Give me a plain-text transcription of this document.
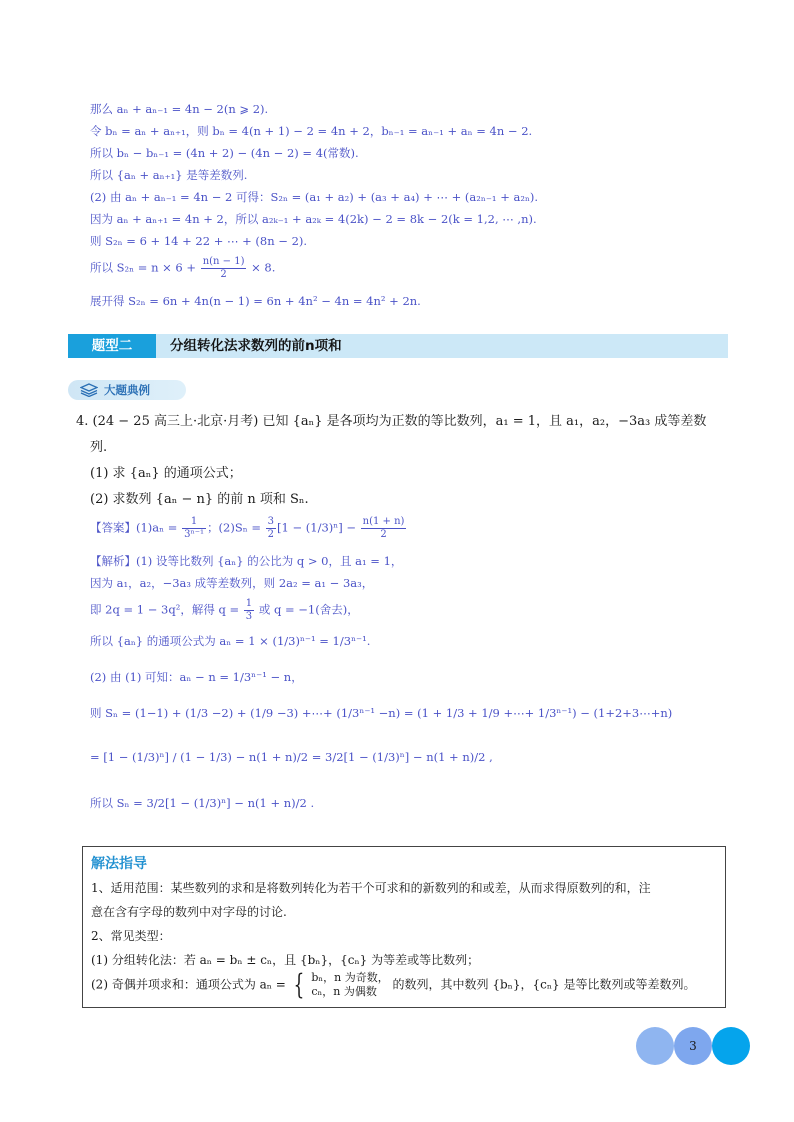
那么 aₙ + aₙ₋₁ = 4n − 2(n ⩾ 2).
令 bₙ = aₙ + aₙ₊₁，则 bₙ = 4(n + 1) − 2 = 4n + 2，bₙ₋₁ = aₙ₋₁ + aₙ = 4n − 2.
所以 bₙ − bₙ₋₁ = (4n + 2) − (4n − 2) = 4(常数).
所以 {aₙ + aₙ₊₁} 是等差数列.
(2) 由 aₙ + aₙ₋₁ = 4n − 2 可得：S₂ₙ = (a₁ + a₂) + (a₃ + a₄) + ⋯ + (a₂ₙ₋₁ + a₂ₙ).
因为 aₙ + aₙ₊₁ = 4n + 2，所以 a₂ₖ₋₁ + a₂ₖ = 4(2k) − 2 = 8k − 2(k = 1,2, ⋯ ,n).
则 S₂ₙ = 6 + 14 + 22 + ⋯ + (8n − 2).
所以 $S_{2n} = n \times 6 + \frac{n(n - 1)}{2} \times 8$.
展开得 S₂ₙ = 6n + 4n(n − 1) = 6n + 4n² − 4n = 4n² + 2n.
题型二	分组转化法求数列的前n项和
大题典例
4. (24 − 25 高三上·北京·月考) 已知 {aₙ} 是各项均为正数的等比数列，a₁ = 1，且 a₁，a₂，−3a₃ 成等差数
列.
(1) 求 {aₙ} 的通项公式；
(2) 求数列 {aₙ − n} 的前 n 项和 Sₙ.
【答案】$(1)a_n = \frac{1}{\text{3ⁿ⁻¹}}$ ；$(2)S_n = \frac{3}{2} [1 - (1/3)^n] - \frac{n(1 + n)}{2}$
【解析】(1) 设等比数列 {aₙ} 的公比为 q > 0，且 a₁ = 1，
因为 a₁，a₂，−3a₃ 成等差数列，则 2a₂ = a₁ − 3a₃，
即 2q = 1 − 3q²，解得 $q = \frac{1}{3}$ 或 q = −1(舍去)，
所以 {aₙ} 的通项公式为 aₙ = 1 × (1/3)ⁿ⁻¹ = 1/3ⁿ⁻¹.
(2) 由 (1) 可知：aₙ − n = 1/3ⁿ⁻¹ − n，
则 Sₙ = (1−1) + (1/3 −2) + (1/9 −3) +⋯+ (1/3ⁿ⁻¹ −n) = (1 + 1/3 + 1/9 +⋯+ 1/3ⁿ⁻¹) − (1+2+3⋯+n)
= [1 − (1/3)ⁿ] / (1 − 1/3) − n(1 + n)/2 = 3/2[1 − (1/3)ⁿ] − n(1 + n)/2 ,
所以 Sₙ = 3/2[1 − (1/3)ⁿ] − n(1 + n)/2 .
解法指导
1、适用范围：某些数列的求和是将数列转化为若干个可求和的新数列的和或差，从而求得原数列的和，注
意在含有字母的数列中对字母的讨论.
2、常见类型：
(1) 分组转化法：若 aₙ = bₙ ± cₙ，且 {bₙ}，{cₙ} 为等差或等比数列；
(2) 奇偶并项求和：通项公式为 aₙ = { bₙ，n 为奇数，
cₙ，n 为偶数 的数列，其中数列 {bₙ}，{cₙ} 是等比数列或等差数列。
3
